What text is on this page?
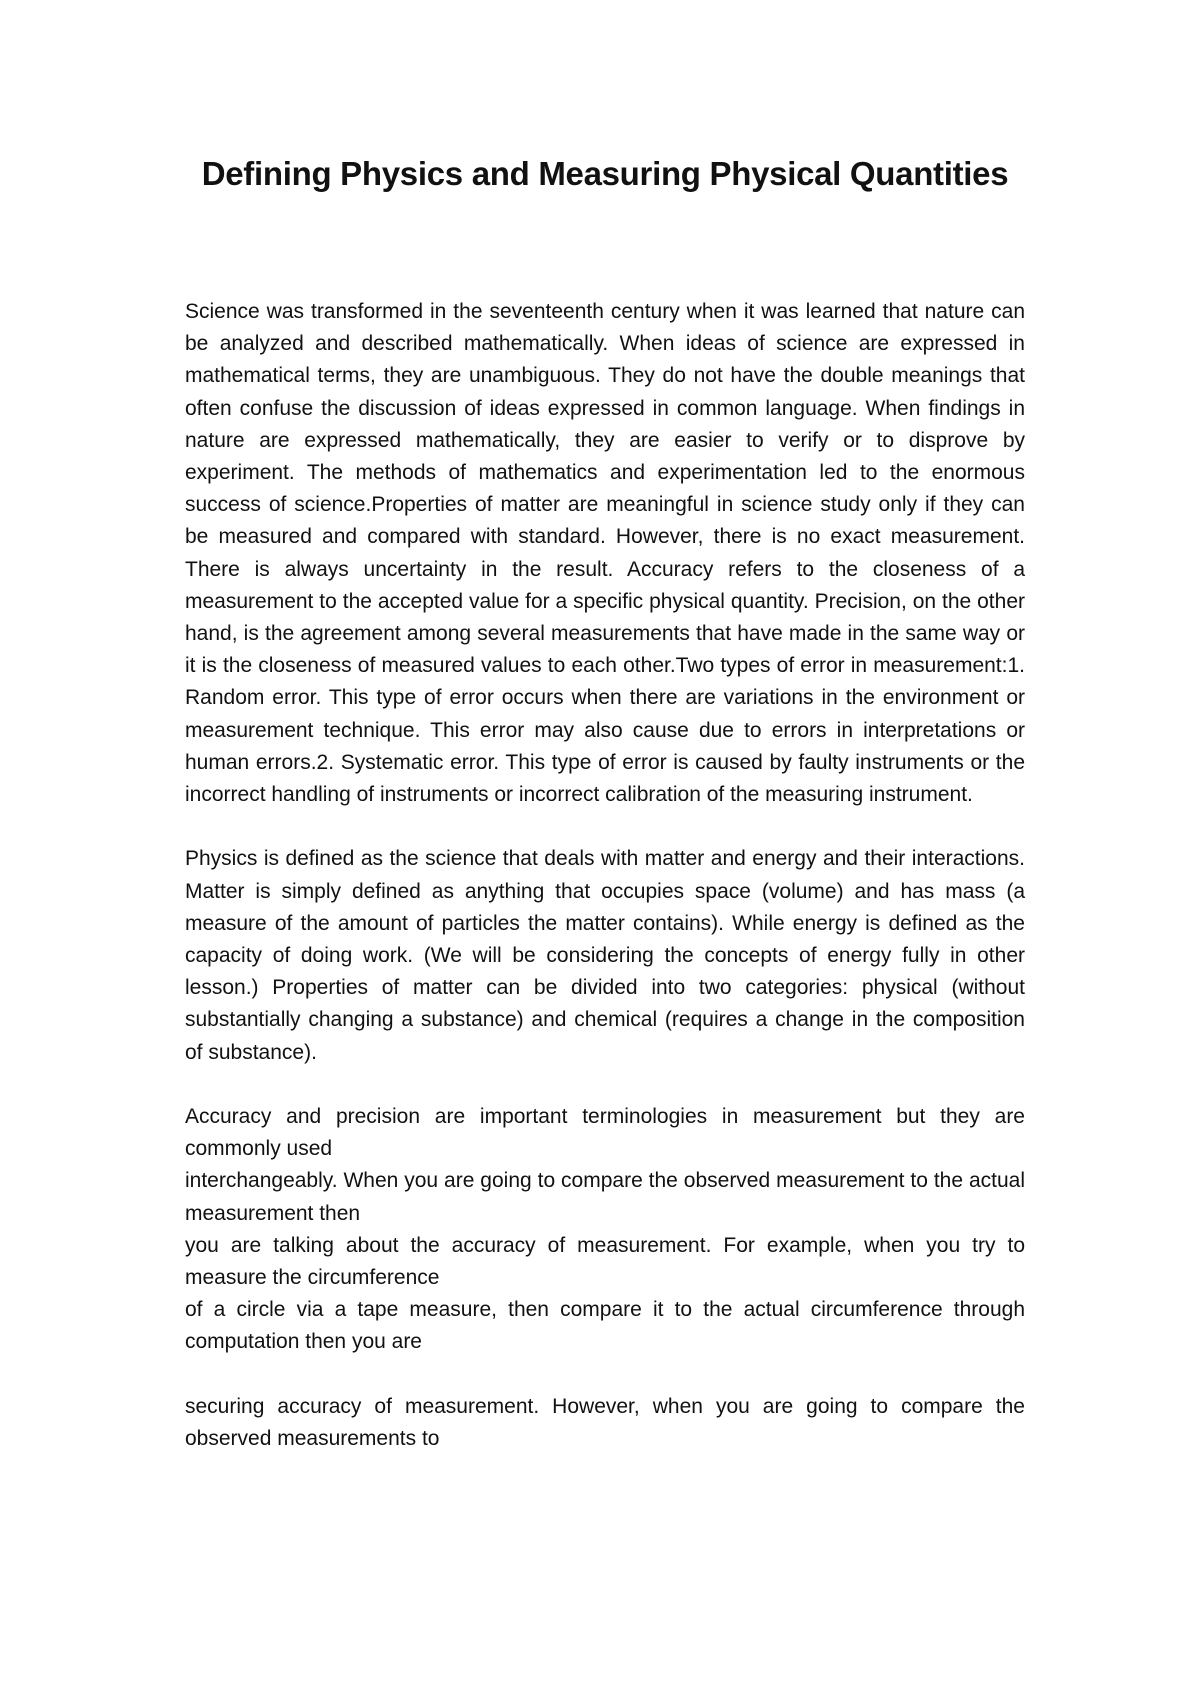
Defining Physics and Measuring Physical Quantities

Science was transformed in the seventeenth century when it was learned that nature can be analyzed and described mathematically. When ideas of science are expressed in mathematical terms, they are unambiguous. They do not have the double meanings that often confuse the discussion of ideas expressed in common language. When findings in nature are expressed mathematically, they are easier to verify or to disprove by experiment. The methods of mathematics and experimentation led to the enormous success of science.Properties of matter are meaningful in science study only if they can be measured and compared with standard. However, there is no exact measurement. There is always uncertainty in the result. Accuracy refers to the closeness of a measurement to the accepted value for a specific physical quantity. Precision, on the other hand, is the agreement among several measurements that have made in the same way or it is the closeness of measured values to each other.Two types of error in measurement:1. Random error. This type of error occurs when there are variations in the environment or measurement technique. This error may also cause due to errors in interpretations or human errors.2. Systematic error. This type of error is caused by faulty instruments or the incorrect handling of instruments or incorrect calibration of the measuring instrument.

Physics is defined as the science that deals with matter and energy and their interactions. Matter is simply defined as anything that occupies space (volume) and has mass (a measure of the amount of particles the matter contains). While energy is defined as the capacity of doing work. (We will be considering the concepts of energy fully in other lesson.) Properties of matter can be divided into two categories: physical (without substantially changing a substance) and chemical (requires a change in the composition of substance).

Accuracy and precision are important terminologies in measurement but they are commonly used

interchangeably. When you are going to compare the observed measurement to the actual measurement then

you are talking about the accuracy of measurement. For example, when you try to measure the circumference

of a circle via a tape measure, then compare it to the actual circumference through computation then you are

securing accuracy of measurement. However, when you are going to compare the observed measurements to
